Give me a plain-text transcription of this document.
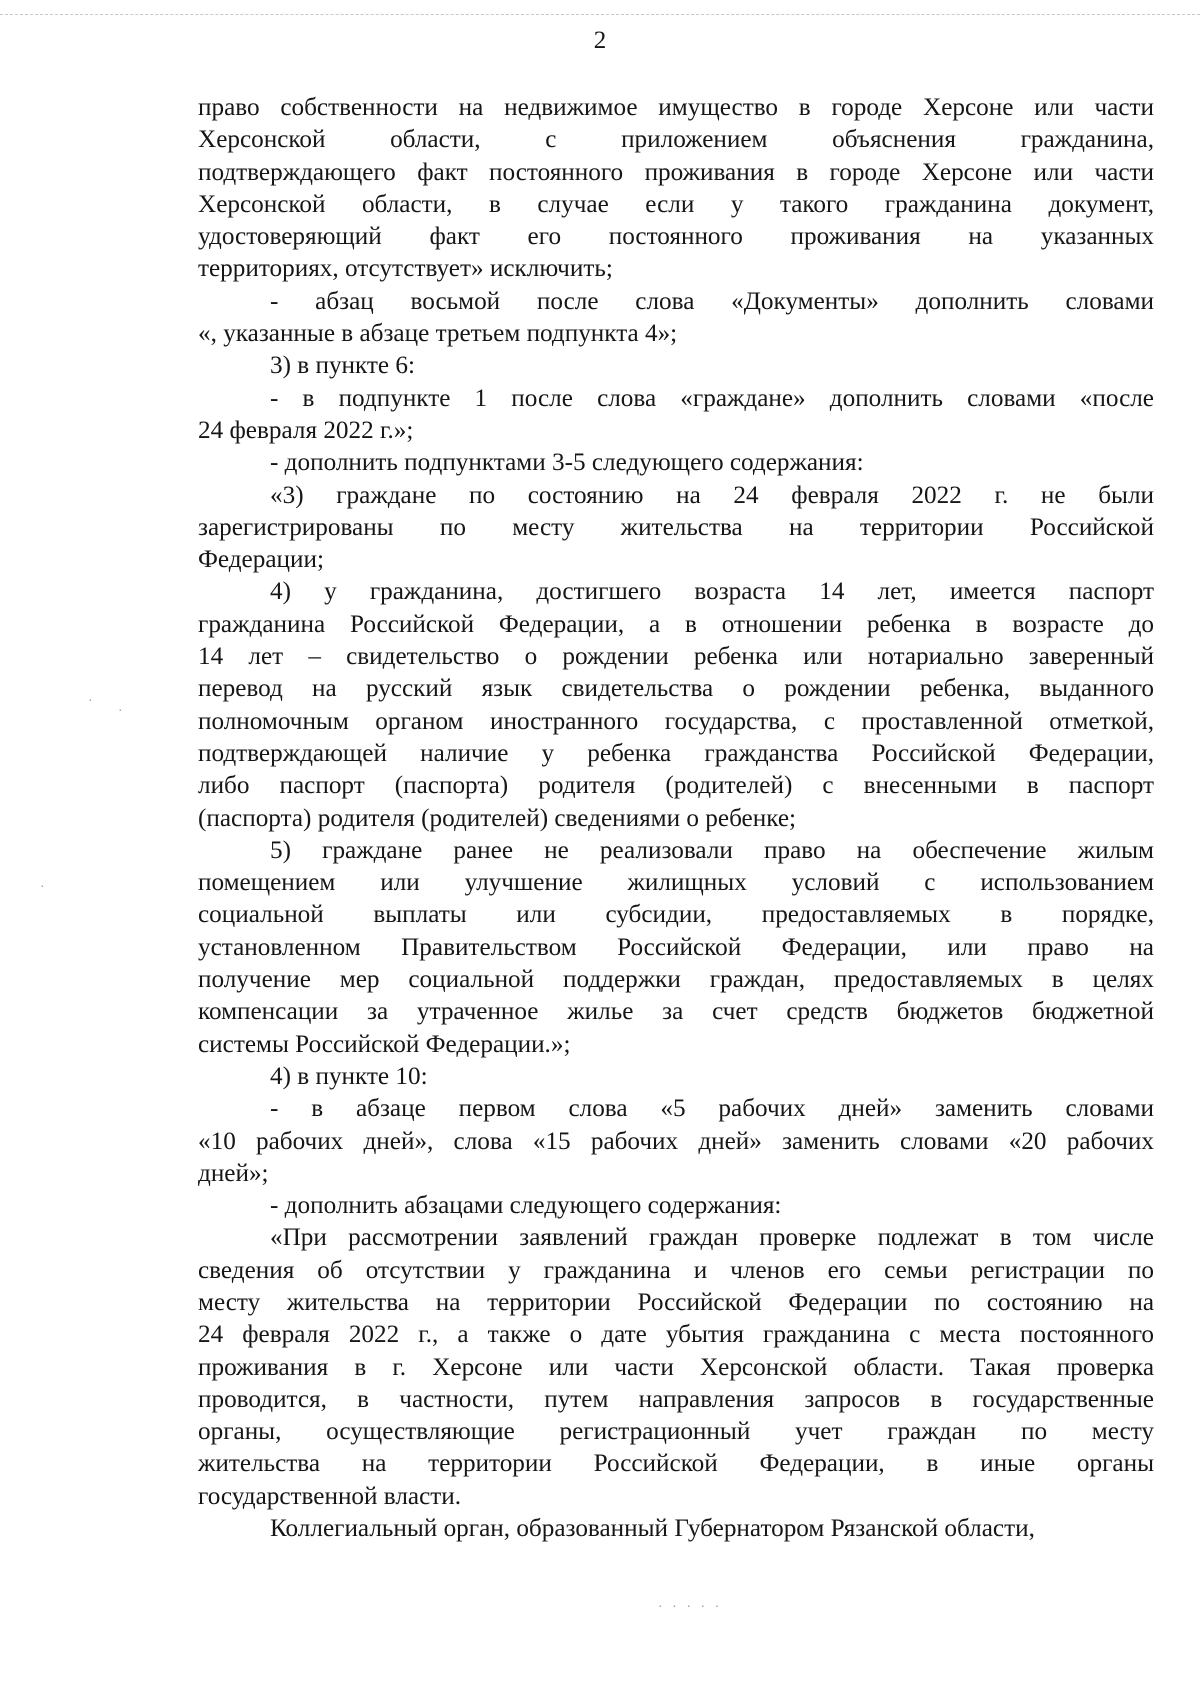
2
право собственности на недвижимое имущество в городе Херсоне или части
Херсонской области, с приложением объяснения гражданина,
подтверждающего факт постоянного проживания в городе Херсоне или части
Херсонской области, в случае если у такого гражданина документ,
удостоверяющий факт его постоянного проживания на указанных
территориях, отсутствует» исключить;
- абзац восьмой после слова «Документы» дополнить словами
«, указанные в абзаце третьем подпункта 4»;
3) в пункте 6:
- в подпункте 1 после слова «граждане» дополнить словами «после
24 февраля 2022 г.»;
- дополнить подпунктами 3-5 следующего содержания:
«3) граждане по состоянию на 24 февраля 2022 г. не были
зарегистрированы по месту жительства на территории Российской
Федерации;
4) у гражданина, достигшего возраста 14 лет, имеется паспорт
гражданина Российской Федерации, а в отношении ребенка в возрасте до
14 лет – свидетельство о рождении ребенка или нотариально заверенный
перевод на русский язык свидетельства о рождении ребенка, выданного
полномочным органом иностранного государства, с проставленной отметкой,
подтверждающей наличие у ребенка гражданства Российской Федерации,
либо паспорт (паспорта) родителя (родителей) с внесенными в паспорт
(паспорта) родителя (родителей) сведениями о ребенке;
5) граждане ранее не реализовали право на обеспечение жилым
помещением или улучшение жилищных условий с использованием
социальной выплаты или субсидии, предоставляемых в порядке,
установленном Правительством Российской Федерации, или право на
получение мер социальной поддержки граждан, предоставляемых в целях
компенсации за утраченное жилье за счет средств бюджетов бюджетной
системы Российской Федерации.»;
4) в пункте 10:
- в абзаце первом слова «5 рабочих дней» заменить словами
«10 рабочих дней», слова «15 рабочих дней» заменить словами «20 рабочих
дней»;
- дополнить абзацами следующего содержания:
«При рассмотрении заявлений граждан проверке подлежат в том числе
сведения об отсутствии у гражданина и членов его семьи регистрации по
месту жительства на территории Российской Федерации по состоянию на
24 февраля 2022 г., а также о дате убытия гражданина с места постоянного
проживания в г. Херсоне или части Херсонской области. Такая проверка
проводится, в частности, путем направления запросов в государственные
органы, осуществляющие регистрационный учет граждан по месту
жительства на территории Российской Федерации, в иные органы
государственной власти.
Коллегиальный орган, образованный Губернатором Рязанской области,
·
·
·
· · · · ·
